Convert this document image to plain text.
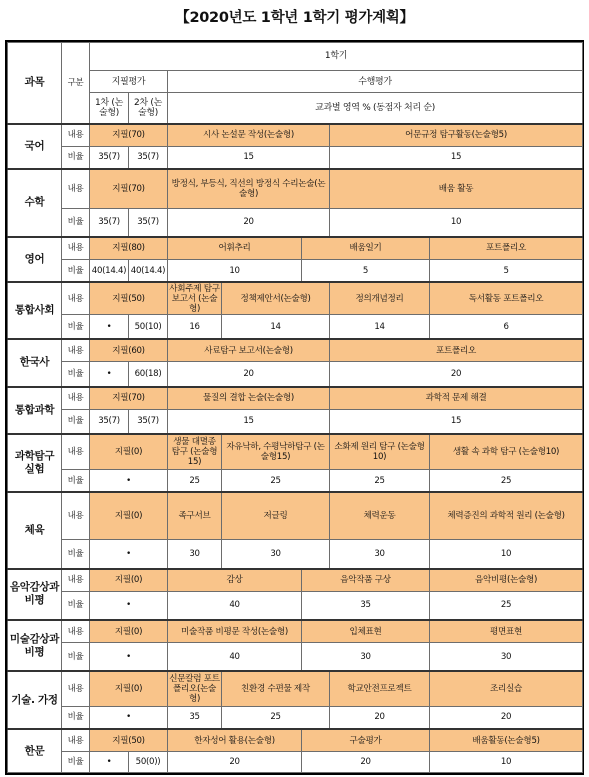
【2020년도 1학년 1학기 평가계획】
과목	구분	1학기						
		지필평가		수행평가				
		1차 (논술형)	2차 (논술형)	교과별 영역 % (동점자 처리 순)				
국어	내용	지필(70)		시사 논설문 작성(논술형)			어문규정 탐구활동(논술형5)	
	비율	35(7)	35(7)	15			15	
수학	내용	지필(70)		방정식, 부등식, 직선의 방정식 수리논술(논술형)			배움 활동	
	비율	35(7)	35(7)	20			10	
영어	내용	지필(80)		어휘추리		배움일기		포트폴리오
	비율	40(14.4)	40(14.4)	10		5		5
통합사회	내용	지필(50)		사회주제 탐구보고서 (논술형)	정책제안서(논술형)		정의개념정리	독서활동 포트폴리오
	비율	•	50(10)	16	14		14	6
한국사	내용	지필(60)		사료탐구 보고서(논술형)			포트폴리오	
	비율	•	60(18)	20			20	
통합과학	내용	지필(70)		물질의 결합 논술(논술형)			과학적 문제 해결	
	비율	35(7)	35(7)	15			15	
과학탐구 실험	내용	지필(0)		생물 대멸종 탐구 (논술형15)	자유낙하, 수평낙하탐구 (논술형15)		소화제 원리 탐구 (논술형10)	생활 속 과학 탐구 (논술형10)
	비율	•		25	25		25	25
체육	내용	지필(0)		족구서브	저글링		체력운동	체력증진의 과학적 원리 (논술형)
	비율	•		30	30		30	10
음악감상과 비평	내용	지필(0)		감상		음악작품 구상		음악비평(논술형)
	비율	•		40		35		25
미술감상과 비평	내용	지필(0)		미술작품 비평문 작성(논술형)		입체표현		평면표현
	비율	•		40		30		30
기술. 가정	내용	지필(0)		신문칼럼 포트폴리오(논술형)	친환경 수편물 제작		학교안전프로젝트	조리실습
	비율	•		35	25		20	20
한문	내용	지필(50)		한자성어 활용(논술형)		구술평가		배움활동(논술형5)
	비율	•	50(0))	20		20		10
